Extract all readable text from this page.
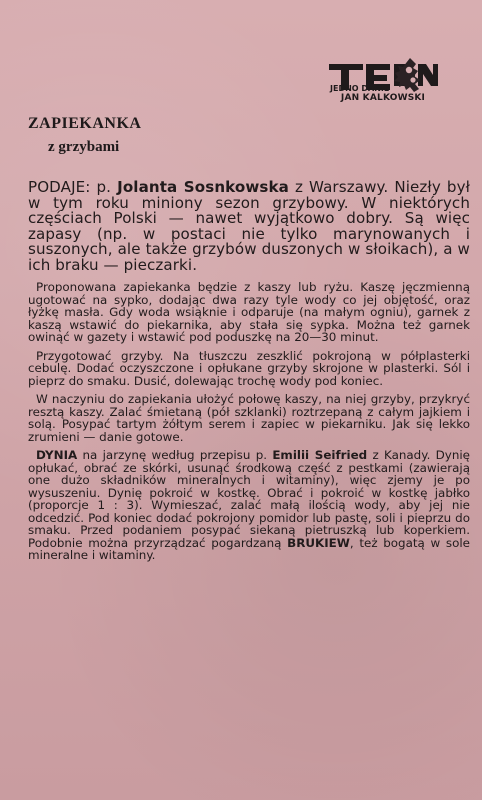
JEDNO DANIE
JAN KALKOWSKI
ZAPIEKANKA
z grzybami

PODAJE: p. Jolanta Sosnkowska z Warszawy. Niezły był w tym roku miniony sezon grzybowy. W niektórych częściach Polski — nawet wyjątkowo dobry. Są więc zapasy (np. w postaci nie tylko marynowanych i suszonych, ale także grzybów duszonych w słoikach), a w ich braku — pieczarki.

Proponowana zapiekanka będzie z kaszy lub ryżu. Kaszę jęczmienną ugotować na sypko, dodając dwa razy tyle wody co jej objętość, oraz łyżkę masła. Gdy woda wsiąknie i odparuje (na małym ogniu), garnek z kaszą wstawić do piekarnika, aby stała się sypka. Można też garnek owinąć w gazety i wstawić pod poduszkę na 20—30 minut.

Przygotować grzyby. Na tłuszczu zeszklić pokrojoną w półplasterki cebulę. Dodać oczyszczone i opłukane grzyby skrojone w plasterki. Sól i pieprz do smaku. Dusić, dolewając trochę wody pod koniec.

W naczyniu do zapiekania ułożyć połowę kaszy, na niej grzyby, przykryć resztą kaszy. Zalać śmietaną (pół szklanki) roztrzepaną z całym jajkiem i solą. Posypać tartym żółtym serem i zapiec w piekarniku. Jak się lekko zrumieni — danie gotowe.

DYNIA na jarzynę według przepisu p. Emilii Seifried z Kanady. Dynię opłukać, obrać ze skórki, usunąć środkową część z pestkami (zawierają one dużo składników mineralnych i witaminy), więc zjemy je po wysuszeniu. Dynię pokroić w kostkę. Obrać i pokroić w kostkę jabłko (proporcje 1 : 3). Wymieszać, zalać małą ilością wody, aby jej nie odcedzić. Pod koniec dodać pokrojony pomidor lub pastę, soli i pieprzu do smaku. Przed podaniem posypać siekaną pietruszką lub koperkiem. Podobnie można przyrządzać pogardzaną BRUKIEW, też bogatą w sole mineralne i witaminy.
